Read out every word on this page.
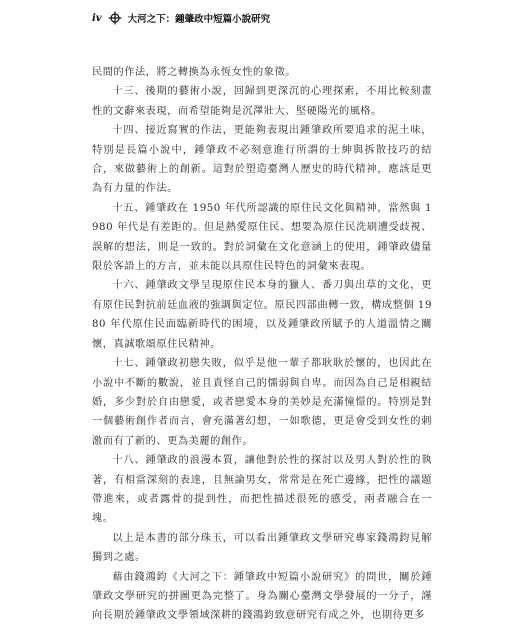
iv	大河之下：鍾肇政中短篇小說研究

民間的作法，將之轉換為永恆女性的象徵。

十三、後期的藝術小說，回歸到更深沉的心理探索，不用比較刻畫性的文辭來表現，而希望能夠是沉澤壯大、堅硬陽光的風格。

十四、接近寫實的作法，更能夠表現出鍾肇政所要追求的泥土味，特別是長篇小說中，鍾肇政不必刻意進行所謂的士紳與拆散技巧的結合，來做藝術上的創新。這對於塑造臺灣人歷史的時代精神，應該是更為有力量的作法。

十五、鍾肇政在 1950 年代所認識的原住民文化與精神，當然與 1980 年代是有差距的。但是熱愛原住民、想要為原住民洗刷遭受歧視、誤解的想法，則是一致的。對於詞彙在文化意涵上的使用，鍾肇政儘量限於客語上的方言，並未能以具原住民特色的詞彙來表現。

十六、鍾肇政文學呈現原住民本身的獵人、番刀與出草的文化，更有原住民對抗前廷血液的強調與定位。原民四部曲轉一致，構成整個 1980 年代原住民面臨新時代的困境，以及鍾肇政所賦予的人道溫情之關懷，真誠歌頌原住民精神。

十七、鍾肇政初戀失敗，似乎是他一輩子都耿耿於懷的，也因此在小說中不斷的數說，並且責怪自己的懦弱與自卑。而因為自己是相親結婚，多少對於自由戀愛，或者戀愛本身的美妙是充滿憧憬的。特別是對一個藝術創作者而言，會充滿著幻想，一如歌德，更是會受到女性的刺激而有了新的、更為美麗的創作。

十八、鍾肇政的浪漫本質，讓他對於性的探討以及男人對於性的執著，有相當深刻的表達，且無論男女，常常是在死亡邊緣，把性的議題帶進來，或者露骨的提到性，而把性描述很死的感受，兩者融合在一塊。

以上是本書的部分珠玉，可以看出鍾肇政文學研究專家錢鴻鈞見解獨到之處。

藉由錢鴻鈞《大河之下：鍾肇政中短篇小說研究》的問世，關於鍾肇政文學研究的拼圖更為完整了。身為關心臺灣文學發展的一分子，謹向長期於鍾肇政文學領域深耕的錢鴻鈞致意研究有成之外，也期待更多
